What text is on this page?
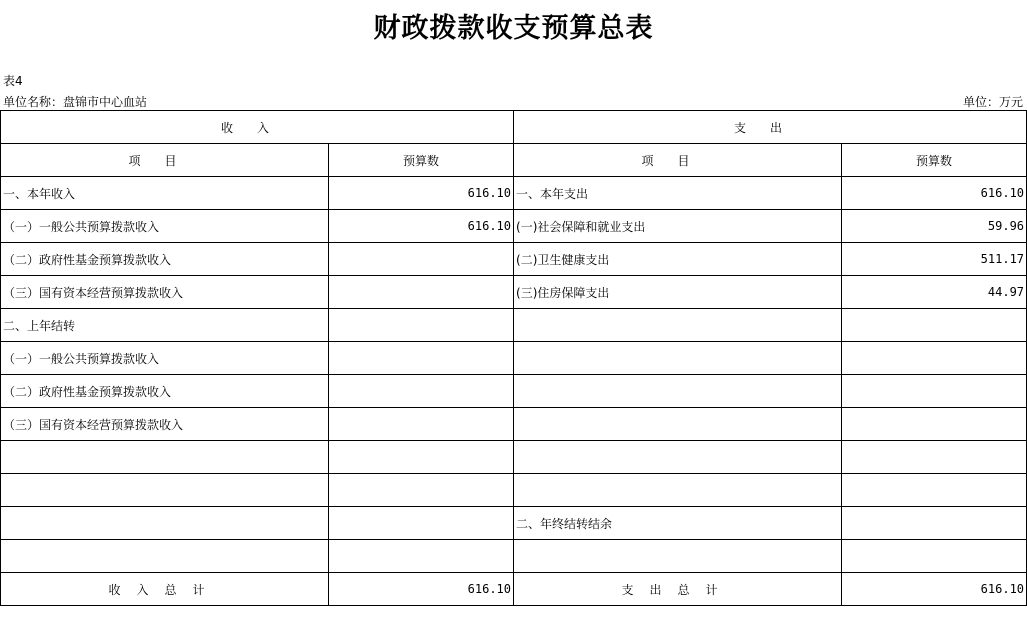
财政拨款收支预算总表
表4
单位名称：盘锦市中心血站	单位：万元
收入		支出	
项目	预算数	项目	预算数
一、本年收入	616.10	一、本年支出	616.10
（一）一般公共预算拨款收入	616.10	(一)社会保障和就业支出	59.96
（二）政府性基金预算拨款收入		(二)卫生健康支出	511.17
（三）国有资本经营预算拨款收入		(三)住房保障支出	44.97
二、上年结转			
（一）一般公共预算拨款收入			
（二）政府性基金预算拨款收入			
（三）国有资本经营预算拨款收入			

		二、年终结转结余	

收入总计	616.10	支出总计	616.10
